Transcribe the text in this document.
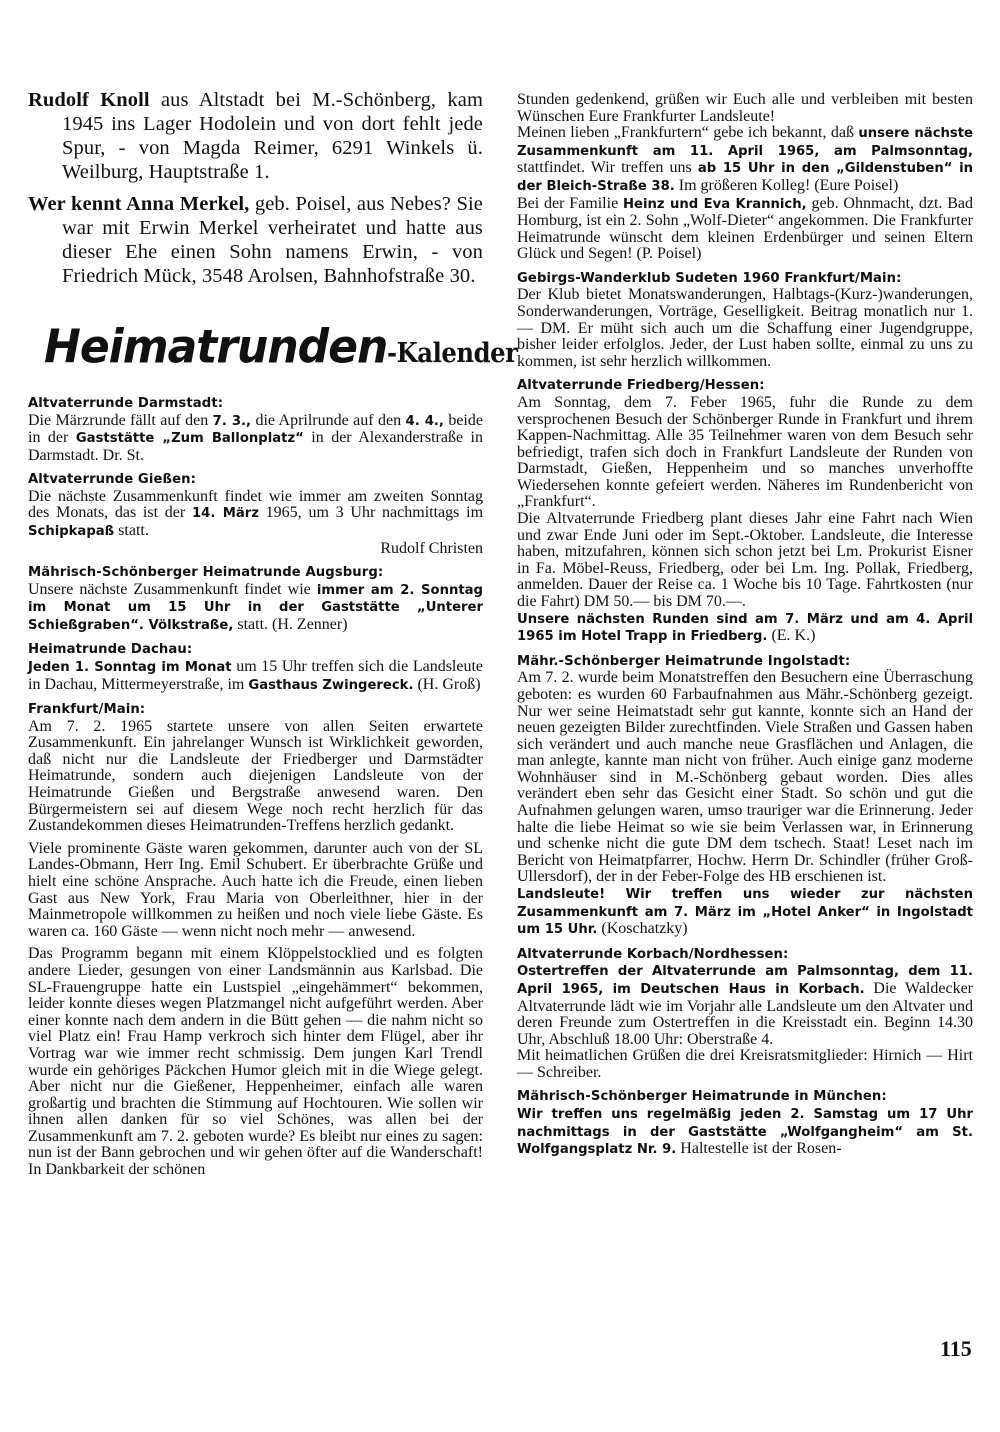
Rudolf Knoll aus Altstadt bei M.-Schönberg, kam 1945 ins Lager Hodolein und von dort fehlt jede Spur, - von Magda Reimer, 6291 Winkels ü. Weilburg, Hauptstraße 1.

Wer kennt Anna Merkel, geb. Poisel, aus Nebes? Sie war mit Erwin Merkel verheiratet und hatte aus dieser Ehe einen Sohn namens Erwin, - von Friedrich Mück, 3548 Arolsen, Bahnhofstraße 30.

Heimatrunden-Kalender
Altvaterrunde Darmstadt:

Die Märzrunde fällt auf den 7. 3., die Aprilrunde auf den 4. 4., beide in der Gaststätte „Zum Ballonplatz“ in der Alexanderstraße in Darmstadt. Dr. St.

Altvaterrunde Gießen:

Die nächste Zusammenkunft findet wie immer am zweiten Sonntag des Monats, das ist der 14. März 1965, um 3 Uhr nachmittags im Schipkapaß statt.

Rudolf Christen
Mährisch-Schönberger Heimatrunde Augsburg:

Unsere nächste Zusammenkunft findet wie immer am 2. Sonntag im Monat um 15 Uhr in der Gaststätte „Unterer Schießgraben“. Völkstraße, statt. (H. Zenner)

Heimatrunde Dachau:

Jeden 1. Sonntag im Monat um 15 Uhr treffen sich die Landsleute in Dachau, Mittermeyerstraße, im Gasthaus Zwingereck. (H. Groß)

Frankfurt/Main:

Am 7. 2. 1965 startete unsere von allen Seiten erwartete Zusammenkunft. Ein jahrelanger Wunsch ist Wirklichkeit geworden, daß nicht nur die Landsleute der Friedberger und Darmstädter Heimatrunde, sondern auch diejenigen Landsleute von der Heimatrunde Gießen und Bergstraße anwesend waren. Den Bürgermeistern sei auf diesem Wege noch recht herzlich für das Zustandekommen dieses Heimatrunden-Treffens herzlich gedankt.

Viele prominente Gäste waren gekommen, darunter auch von der SL Landes-Obmann, Herr Ing. Emil Schubert. Er überbrachte Grüße und hielt eine schöne Ansprache. Auch hatte ich die Freude, einen lieben Gast aus New York, Frau Maria von Oberleithner, hier in der Mainmetropole willkommen zu heißen und noch viele liebe Gäste. Es waren ca. 160 Gäste — wenn nicht noch mehr — anwesend.

Das Programm begann mit einem Klöppelstocklied und es folgten andere Lieder, gesungen von einer Landsmännin aus Karlsbad. Die SL-Frauengruppe hatte ein Lustspiel „eingehämmert“ bekommen, leider konnte dieses wegen Platzmangel nicht aufgeführt werden. Aber einer konnte nach dem andern in die Bütt gehen — die nahm nicht so viel Platz ein! Frau Hamp verkroch sich hinter dem Flügel, aber ihr Vortrag war wie immer recht schmissig. Dem jungen Karl Trendl wurde ein gehöriges Päckchen Humor gleich mit in die Wiege gelegt. Aber nicht nur die Gießener, Heppenheimer, einfach alle waren großartig und brachten die Stimmung auf Hochtouren. Wie sollen wir ihnen allen danken für so viel Schönes, was allen bei der Zusammenkunft am 7. 2. geboten wurde? Es bleibt nur eines zu sagen: nun ist der Bann gebrochen und wir gehen öfter auf die Wanderschaft! In Dankbarkeit der schönen

Stunden gedenkend, grüßen wir Euch alle und verbleiben mit besten Wünschen Eure Frankfurter Landsleute!

Meinen lieben „Frankfurtern“ gebe ich bekannt, daß unsere nächste Zusammenkunft am 11. April 1965, am Palmsonntag, stattfindet. Wir treffen uns ab 15 Uhr in den „Gildenstuben“ in der Bleich-Straße 38. Im größeren Kolleg! (Eure Poisel)

Bei der Familie Heinz und Eva Krannich, geb. Ohnmacht, dzt. Bad Homburg, ist ein 2. Sohn „Wolf-Dieter“ angekommen. Die Frankfurter Heimatrunde wünscht dem kleinen Erdenbürger und seinen Eltern Glück und Segen! (P. Poisel)

Gebirgs-Wanderklub Sudeten 1960 Frankfurt/Main:

Der Klub bietet Monatswanderungen, Halbtags-(Kurz-)wanderungen, Sonderwanderungen, Vorträge, Geselligkeit. Beitrag monatlich nur 1.— DM. Er müht sich auch um die Schaffung einer Jugendgruppe, bisher leider erfolglos. Jeder, der Lust haben sollte, einmal zu uns zu kommen, ist sehr herzlich willkommen.

Altvaterrunde Friedberg/Hessen:

Am Sonntag, dem 7. Feber 1965, fuhr die Runde zu dem versprochenen Besuch der Schönberger Runde in Frankfurt und ihrem Kappen-Nachmittag. Alle 35 Teilnehmer waren von dem Besuch sehr befriedigt, trafen sich doch in Frankfurt Landsleute der Runden von Darmstadt, Gießen, Heppenheim und so manches unverhoffte Wiedersehen konnte gefeiert werden. Näheres im Rundenbericht von „Frankfurt“.

Die Altvaterrunde Friedberg plant dieses Jahr eine Fahrt nach Wien und zwar Ende Juni oder im Sept.-Oktober. Landsleute, die Interesse haben, mitzufahren, können sich schon jetzt bei Lm. Prokurist Eisner in Fa. Möbel-Reuss, Friedberg, oder bei Lm. Ing. Pollak, Friedberg, anmelden. Dauer der Reise ca. 1 Woche bis 10 Tage. Fahrtkosten (nur die Fahrt) DM 50.— bis DM 70.—.

Unsere nächsten Runden sind am 7. März und am 4. April 1965 im Hotel Trapp in Friedberg. (E. K.)

Mähr.-Schönberger Heimatrunde Ingolstadt:

Am 7. 2. wurde beim Monatstreffen den Besuchern eine Überraschung geboten: es wurden 60 Farbaufnahmen aus Mähr.-Schönberg gezeigt. Nur wer seine Heimatstadt sehr gut kannte, konnte sich an Hand der neuen gezeigten Bilder zurechtfinden. Viele Straßen und Gassen haben sich verändert und auch manche neue Grasflächen und Anlagen, die man anlegte, kannte man nicht von früher. Auch einige ganz moderne Wohnhäuser sind in M.-Schönberg gebaut worden. Dies alles verändert eben sehr das Gesicht einer Stadt. So schön und gut die Aufnahmen gelungen waren, umso trauriger war die Erinnerung. Jeder halte die liebe Heimat so wie sie beim Verlassen war, in Erinnerung und schenke nicht die gute DM dem tschech. Staat! Leset nach im Bericht von Heimatpfarrer, Hochw. Herrn Dr. Schindler (früher Groß-Ullersdorf), der in der Feber-Folge des HB erschienen ist.

Landsleute! Wir treffen uns wieder zur nächsten Zusammenkunft am 7. März im „Hotel Anker“ in Ingolstadt um 15 Uhr. (Koschatzky)

Altvaterrunde Korbach/Nordhessen:

Ostertreffen der Altvaterrunde am Palmsonntag, dem 11. April 1965, im Deutschen Haus in Korbach. Die Waldecker Altvaterrunde lädt wie im Vorjahr alle Landsleute um den Altvater und deren Freunde zum Ostertreffen in die Kreisstadt ein. Beginn 14.30 Uhr, Abschluß 18.00 Uhr: Oberstraße 4.

Mit heimatlichen Grüßen die drei Kreisratsmitglieder: Hirnich — Hirt — Schreiber.

Mährisch-Schönberger Heimatrunde in München:

Wir treffen uns regelmäßig jeden 2. Samstag um 17 Uhr nachmittags in der Gaststätte „Wolfgangheim“ am St. Wolfgangsplatz Nr. 9. Haltestelle ist der Rosen-

115
